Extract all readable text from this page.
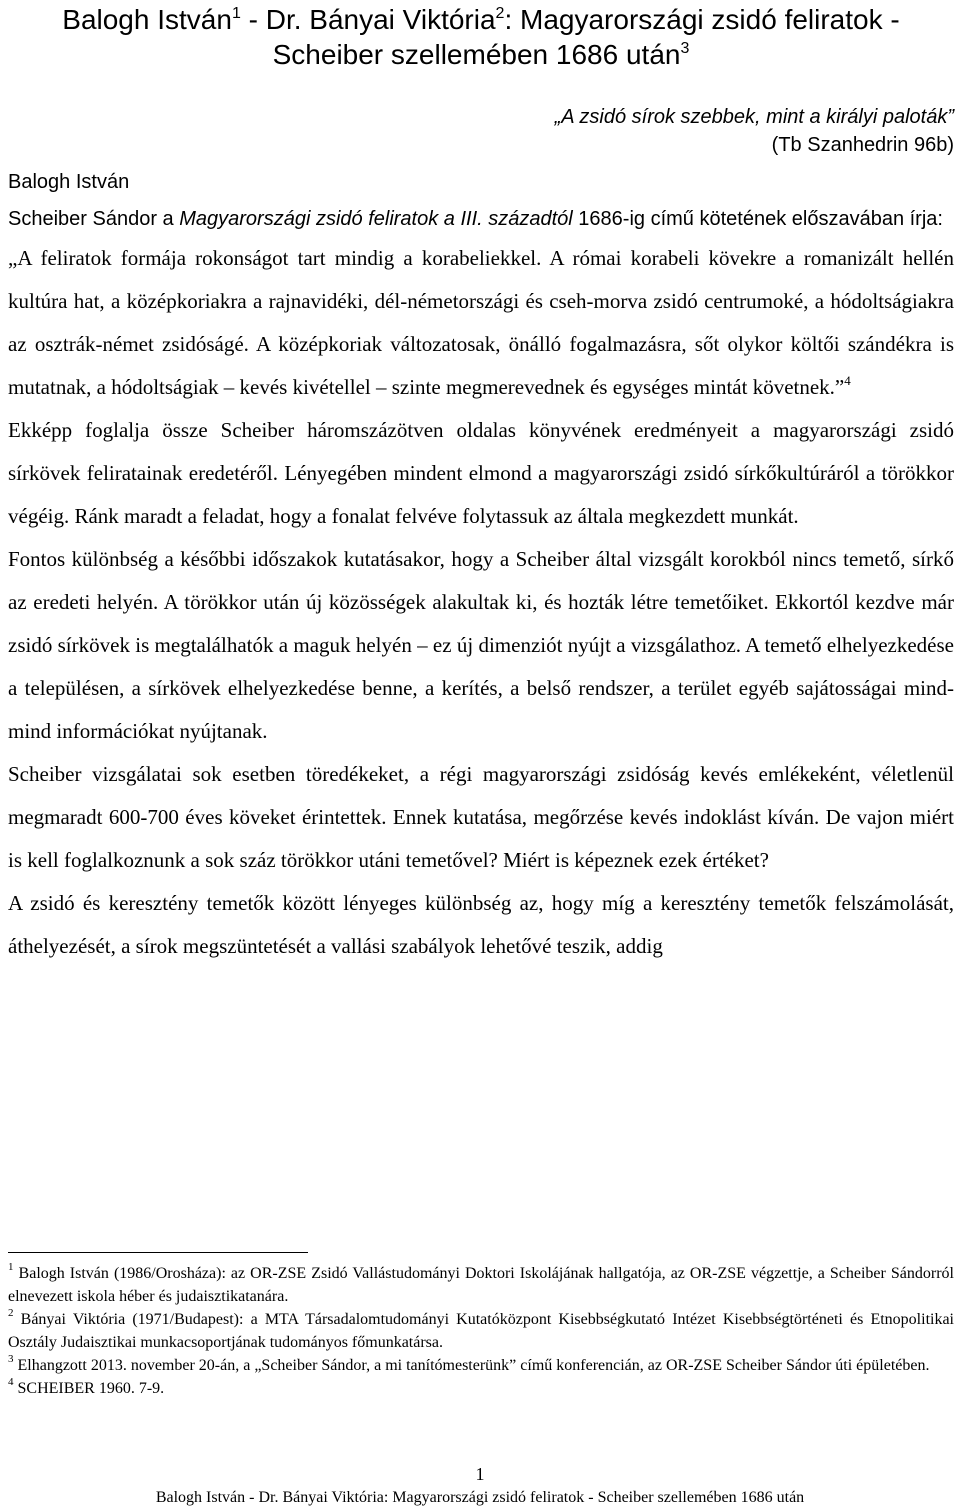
Balogh István$^1$ - Dr. Bányai Viktória$^2$: Magyarországi zsidó feliratok -
Scheiber szellemében 1686 után$^3$
„A zsidó sírok szebbek, mint a királyi paloták”
(Tb Szanhedrin 96b)
Balogh István
Scheiber Sándor a Magyarországi zsidó feliratok a III. századtól 1686-ig című kötetének előszavában írja:

„A feliratok formája rokonságot tart mindig a korabeliekkel. A római korabeli kövekre a romanizált hellén kultúra hat, a középkoriakra a rajnavidéki, dél-németországi és cseh-morva zsidó centrumoké, a hódoltságiakra az osztrák-német zsidóságé. A középkoriak változatosak, önálló fogalmazásra, sőt olykor költői szándékra is mutatnak, a hódoltságiak – kevés kivétellel – szinte megmerevednek és egységes mintát követnek.”$^4$

Ekképp foglalja össze Scheiber háromszázötven oldalas könyvének eredményeit a magyarországi zsidó sírkövek feliratainak eredetéről. Lényegében mindent elmond a magyarországi zsidó sírkőkultúráról a törökkor végéig. Ránk maradt a feladat, hogy a fonalat felvéve folytassuk az általa megkezdett munkát.

Fontos különbség a későbbi időszakok kutatásakor, hogy a Scheiber által vizsgált korokból nincs temető, sírkő az eredeti helyén. A törökkor után új közösségek alakultak ki, és hozták létre temetőiket. Ekkortól kezdve már zsidó sírkövek is megtalálhatók a maguk helyén – ez új dimenziót nyújt a vizsgálathoz. A temető elhelyezkedése a településen, a sírkövek elhelyezkedése benne, a kerítés, a belső rendszer, a terület egyéb sajátosságai mind-mind információkat nyújtanak.

Scheiber vizsgálatai sok esetben töredékeket, a régi magyarországi zsidóság kevés emlékeként, véletlenül megmaradt 600-700 éves köveket érintettek. Ennek kutatása, megőrzése kevés indoklást kíván. De vajon miért is kell foglalkoznunk a sok száz törökkor utáni temetővel? Miért is képeznek ezek értéket?

A zsidó és keresztény temetők között lényeges különbség az, hogy míg a keresztény temetők felszámolását, áthelyezését, a sírok megszüntetését a vallási szabályok lehetővé teszik, addig

$^1$ Balogh István (1986/Orosháza): az OR-ZSE Zsidó Vallástudományi Doktori Iskolájának hallgatója, az OR-ZSE végzettje, a Scheiber Sándorról elnevezett iskola héber és judaisztikatanára.

$^2$ Bányai Viktória (1971/Budapest): a MTA Társadalomtudományi Kutatóközpont Kisebbségkutató Intézet Kisebbségtörténeti és Etnopolitikai Osztály Judaisztikai munkacsoportjának tudományos főmunkatársa.

$^3$ Elhangzott 2013. november 20-án, a „Scheiber Sándor, a mi tanítómesterünk” című konferencián, az OR-ZSE Scheiber Sándor úti épületében.

$^4$ SCHEIBER 1960. 7-9.

1
Balogh István - Dr. Bányai Viktória: Magyarországi zsidó feliratok - Scheiber szellemében 1686 után
